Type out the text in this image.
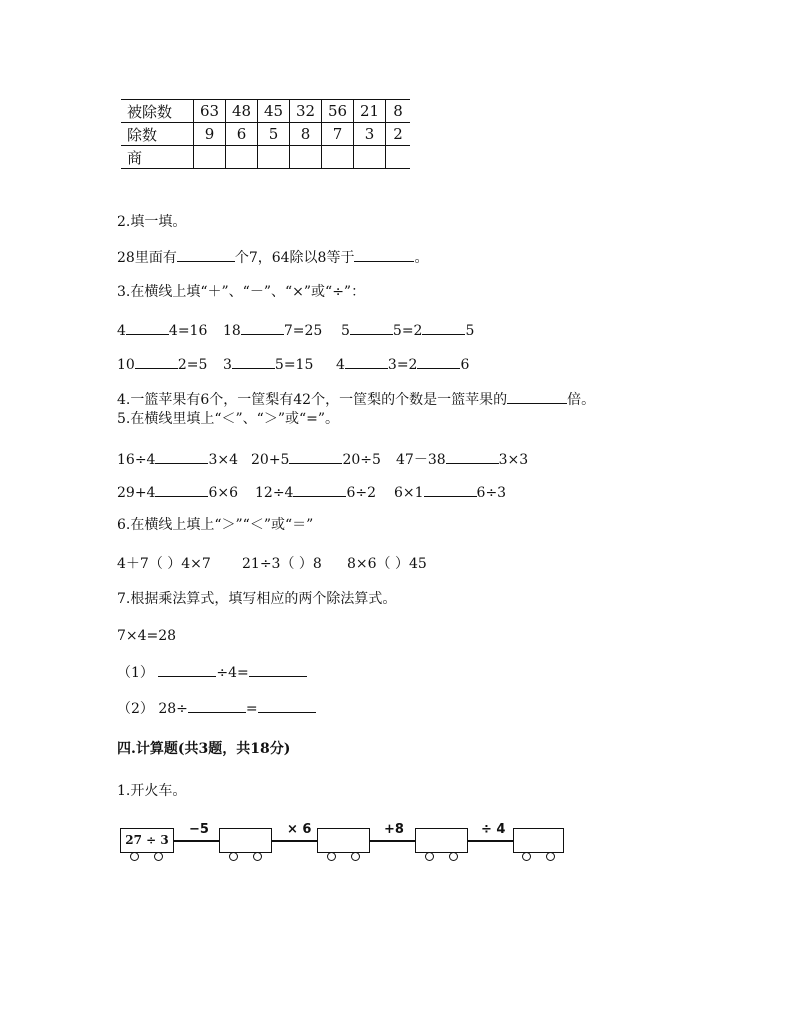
被除数	63	48	45	32	56	21	8
除数	9	6	5	8	7	3	2
商							
2.填一填。
28里面有	个7，64除以8等于	。
3.在横线上填“＋”、“－”、“×”或“÷”：
4	4=16 18	7=25 5	5=2	5
10	2=5 3	5=15 4	3=2	6
4.一篮苹果有6个，一筐梨有42个，一筐梨的个数是一篮苹果的	倍。
5.在横线里填上“＜”、“＞”或“=”。
16÷4	3×4 20+5	20÷5 47－38	3×3
29+4	6×6 12÷4	6÷2 6×1	6÷3
6.在横线上填上“＞”“＜”或“＝”
4＋7（ ）4×7 21÷3（ ）8 8×6（ ）45
7.根据乘法算式，填写相应的两个除法算式。
7×4=28
（1）	÷4=
（2） 28÷	=
四.计算题(共3题，共18分)
1.开火车。
27 ÷ 3
−5	× 6	+8	÷ 4
